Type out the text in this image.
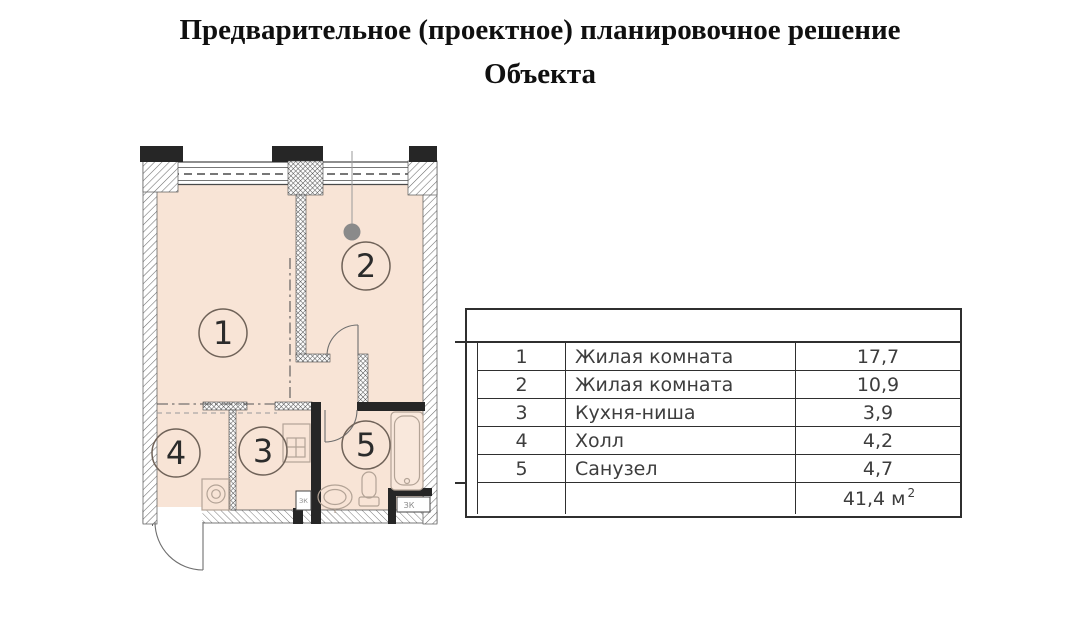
Предварительное (проектное) планировочное решение
Объекта
ЗК	ЗК
1
2
3
4	5
1	Жилая комната	17,7
2	Жилая комната	10,9
3	Кухня-ниша	3,9
4	Холл	4,2
5	Санузел	4,7
41,4 $м^2$
